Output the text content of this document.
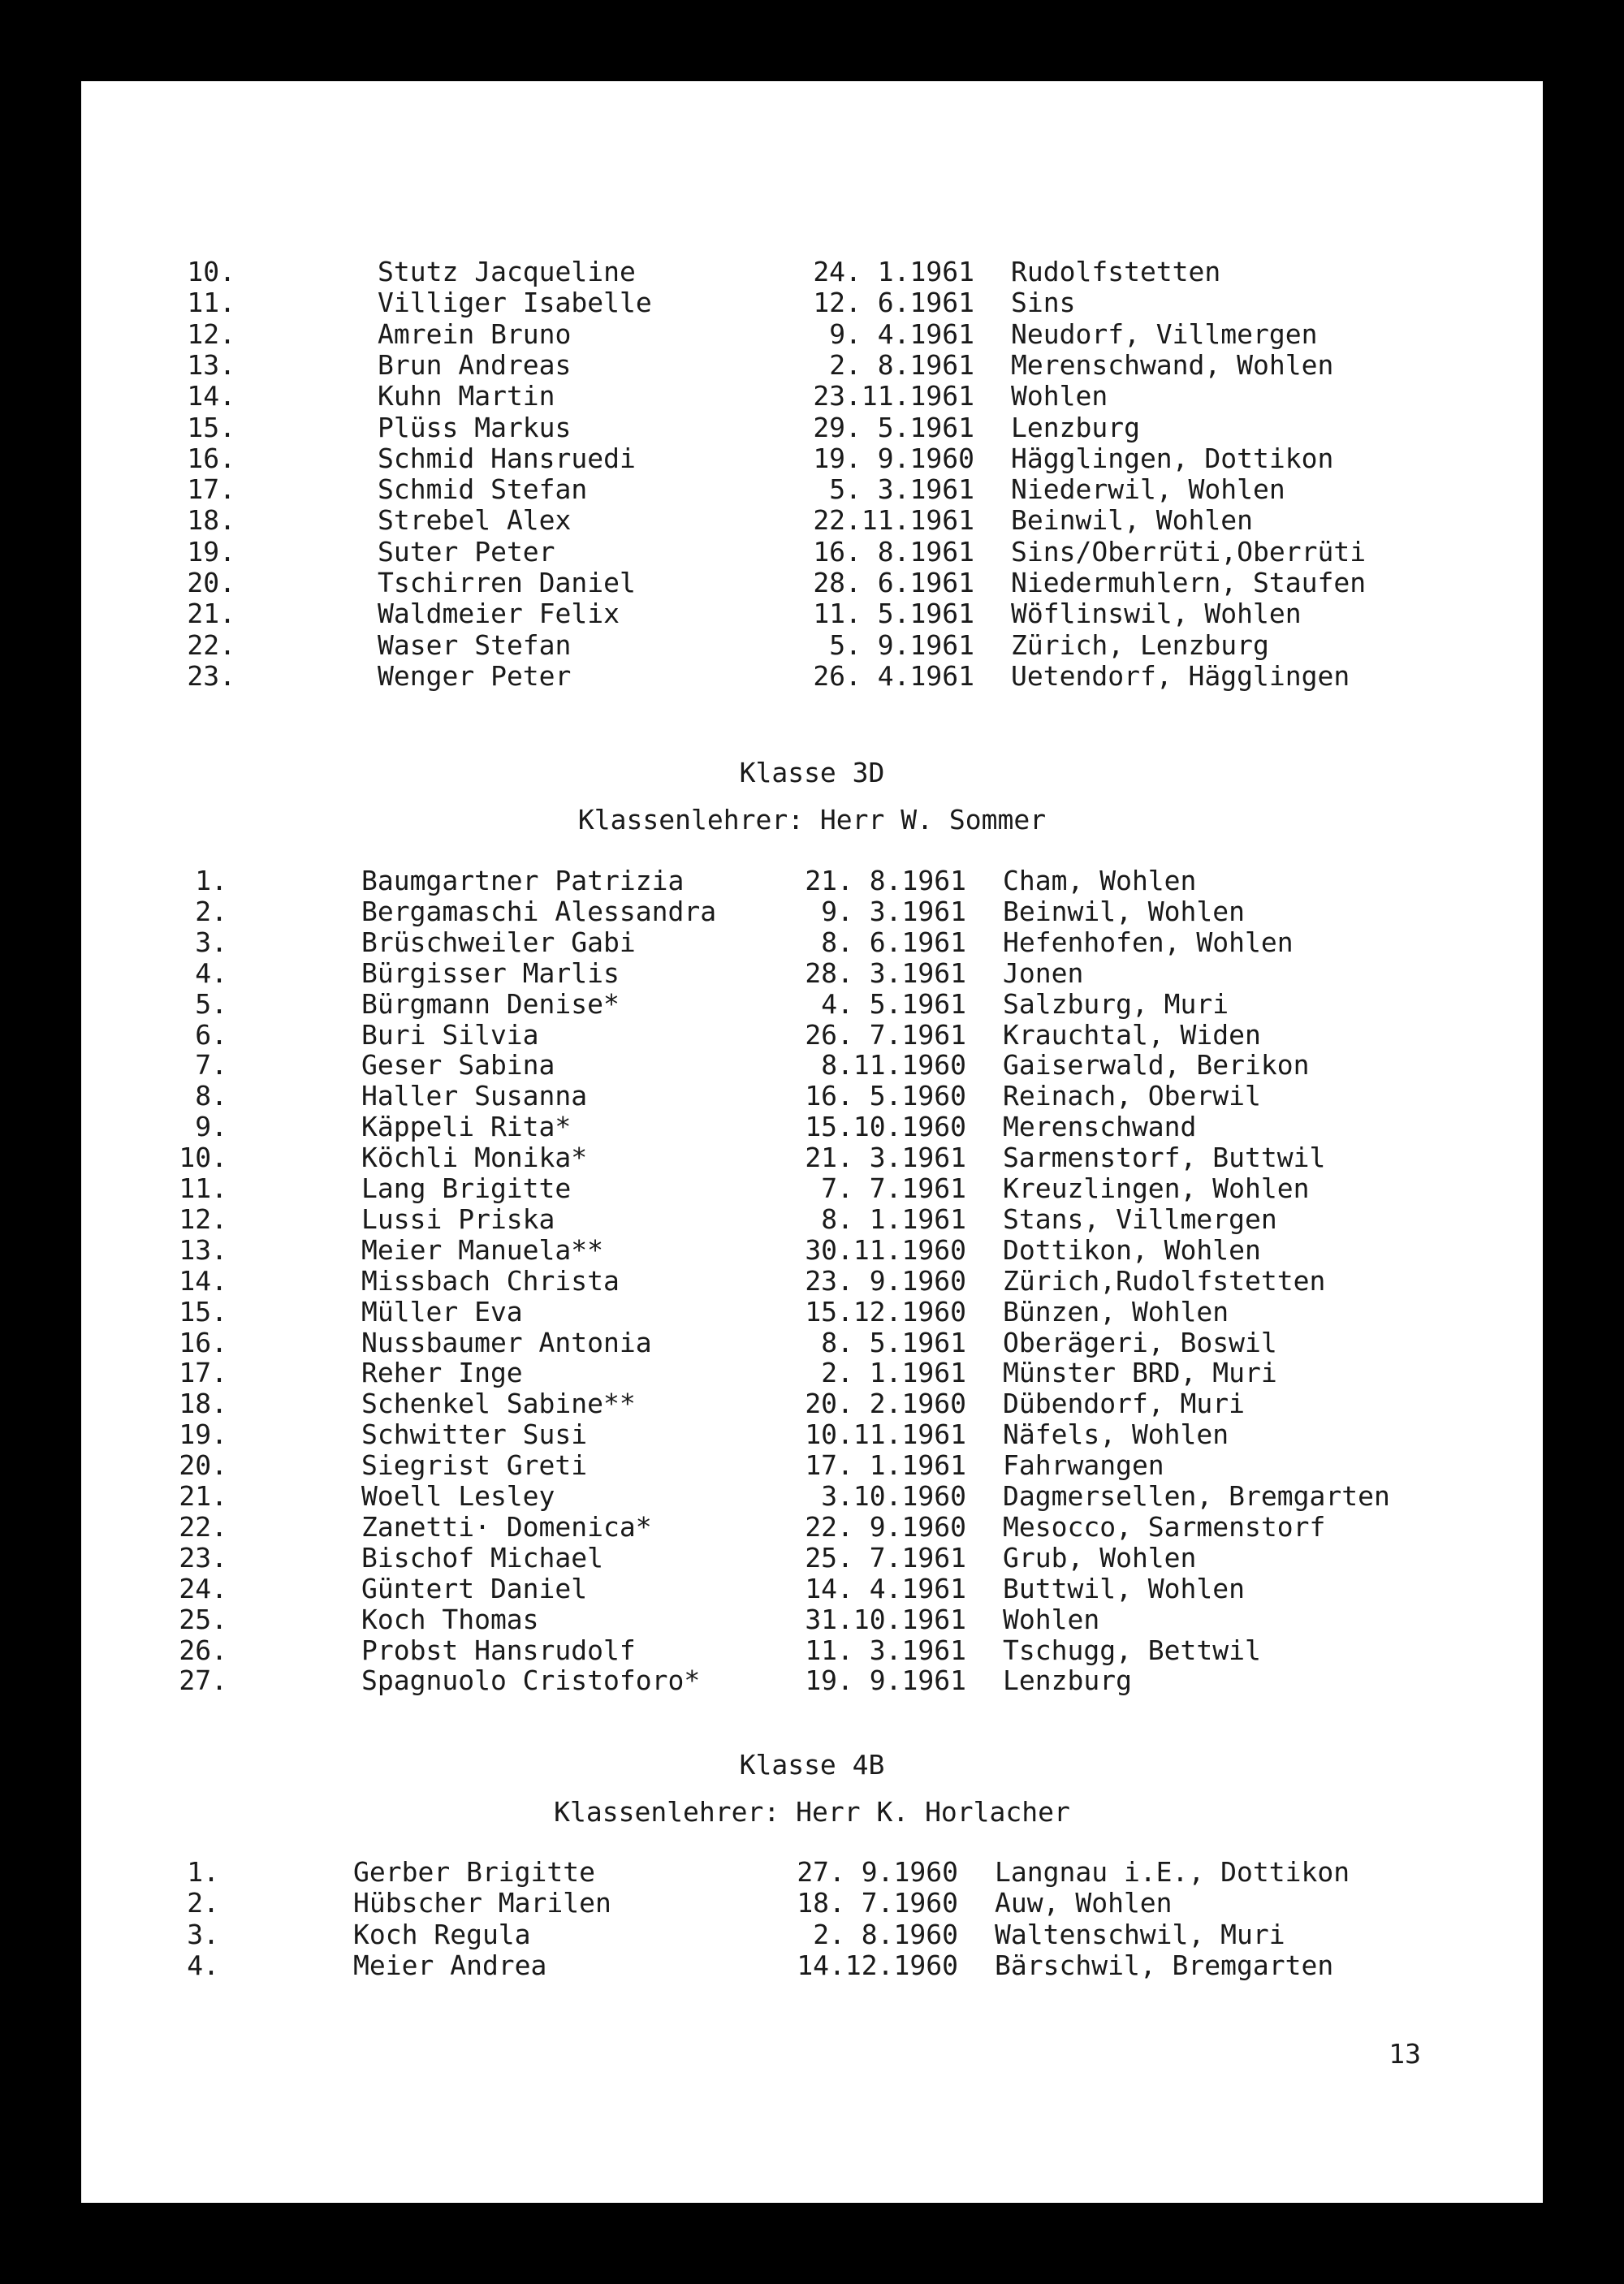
10.	Stutz Jacqueline	24. 1.1961 Rudolfstetten
11.	Villiger Isabelle	12. 6.1961 Sins
12.	Amrein Bruno	9. 4.1961 Neudorf, Villmergen
13.	Brun Andreas	2. 8.1961 Merenschwand, Wohlen
14.	Kuhn Martin	23.11.1961 Wohlen
15.	Plüss Markus	29. 5.1961 Lenzburg
16.	Schmid Hansruedi	19. 9.1960 Hägglingen, Dottikon
17.	Schmid Stefan	5. 3.1961 Niederwil, Wohlen
18.	Strebel Alex	22.11.1961 Beinwil, Wohlen
19.	Suter Peter	16. 8.1961 Sins/Oberrüti,Oberrüti
20.	Tschirren Daniel	28. 6.1961 Niedermuhlern, Staufen
21.	Waldmeier Felix	11. 5.1961 Wöflinswil, Wohlen
22.	Waser Stefan	5. 9.1961 Zürich, Lenzburg
23.	Wenger Peter	26. 4.1961 Uetendorf, Hägglingen
Klasse 3D
Klassenlehrer: Herr W. Sommer
1.	Baumgartner Patrizia	21. 8.1961 Cham, Wohlen
2.	Bergamaschi Alessandra	9. 3.1961 Beinwil, Wohlen
3.	Brüschweiler Gabi	8. 6.1961 Hefenhofen, Wohlen
4.	Bürgisser Marlis	28. 3.1961 Jonen
5.	Bürgmann Denise*	4. 5.1961 Salzburg, Muri
6.	Buri Silvia	26. 7.1961 Krauchtal, Widen
7.	Geser Sabina	8.11.1960 Gaiserwald, Berikon
8.	Haller Susanna	16. 5.1960 Reinach, Oberwil
9.	Käppeli Rita*	15.10.1960 Merenschwand
10.	Köchli Monika*	21. 3.1961 Sarmenstorf, Buttwil
11.	Lang Brigitte	7. 7.1961 Kreuzlingen, Wohlen
12.	Lussi Priska	8. 1.1961 Stans, Villmergen
13.	Meier Manuela**	30.11.1960 Dottikon, Wohlen
14.	Missbach Christa	23. 9.1960 Zürich,Rudolfstetten
15.	Müller Eva	15.12.1960 Bünzen, Wohlen
16.	Nussbaumer Antonia	8. 5.1961 Oberägeri, Boswil
17.	Reher Inge	2. 1.1961 Münster BRD, Muri
18.	Schenkel Sabine**	20. 2.1960 Dübendorf, Muri
19.	Schwitter Susi	10.11.1961 Näfels, Wohlen
20.	Siegrist Greti	17. 1.1961 Fahrwangen
21.	Woell Lesley	3.10.1960 Dagmersellen, Bremgarten
22.	Zanetti· Domenica*	22. 9.1960 Mesocco, Sarmenstorf
23.	Bischof Michael	25. 7.1961 Grub, Wohlen
24.	Güntert Daniel	14. 4.1961 Buttwil, Wohlen
25.	Koch Thomas	31.10.1961 Wohlen
26.	Probst Hansrudolf	11. 3.1961 Tschugg, Bettwil
27.	Spagnuolo Cristoforo*	19. 9.1961 Lenzburg
Klasse 4B
Klassenlehrer: Herr K. Horlacher
1.	Gerber Brigitte	27. 9.1960 Langnau i.E., Dottikon
2.	Hübscher Marilen	18. 7.1960 Auw, Wohlen
3.	Koch Regula	2. 8.1960 Waltenschwil, Muri
4.	Meier Andrea	14.12.1960 Bärschwil, Bremgarten
13
